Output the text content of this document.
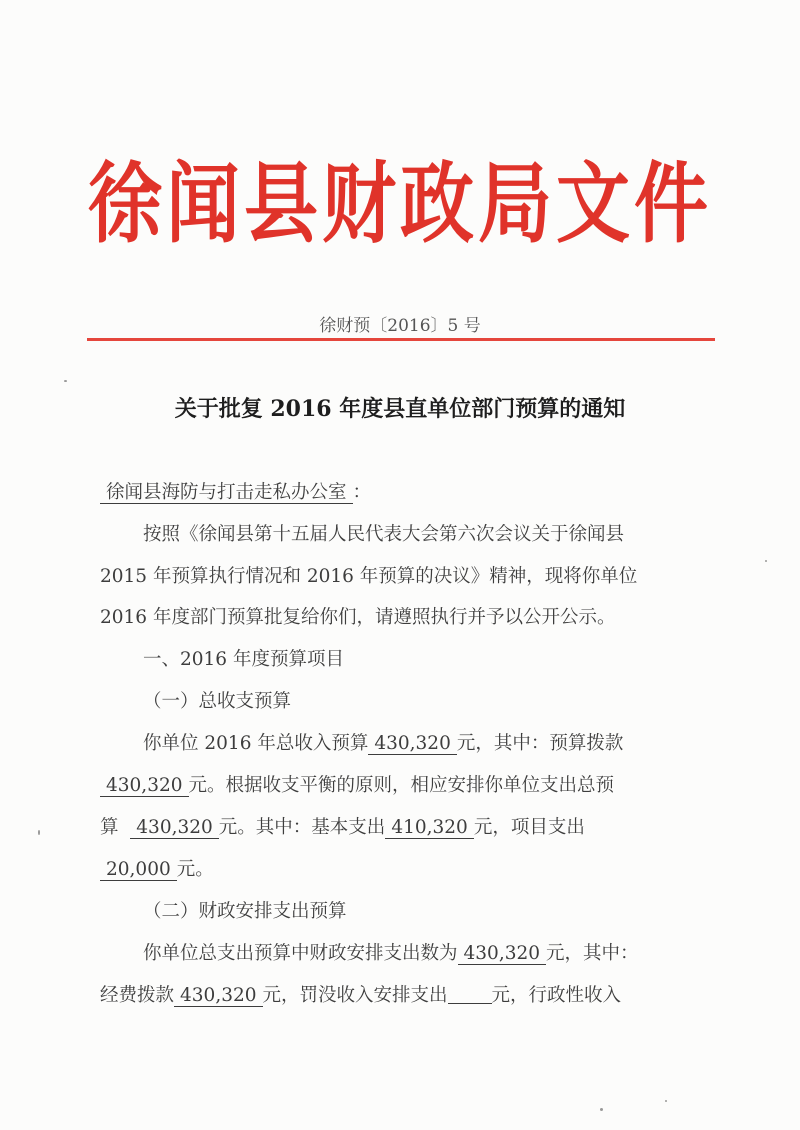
徐闻县财政局文件
徐财预〔2016〕5 号
关于批复 2016 年度县直单位部门预算的通知
徐闻县海防与打击走私办公室 ：
按照《徐闻县第十五届人民代表大会第六次会议关于徐闻县
2015 年预算执行情况和 2016 年预算的决议》精神，现将你单位
2016 年度部门预算批复给你们，请遵照执行并予以公开公示。
一、2016 年度预算项目
（一）总收支预算
你单位 2016 年总收入预算 430,320 元，其中：预算拨款
430,320 元。根据收支平衡的原则，相应安排你单位支出总预
算 430,320 元。其中：基本支出 410,320 元，项目支出
20,000 元。
（二）财政安排支出预算
你单位总支出预算中财政安排支出数为 430,320 元，其中：
经费拨款 430,320 元，罚没收入安排支出 元，行政性收入
